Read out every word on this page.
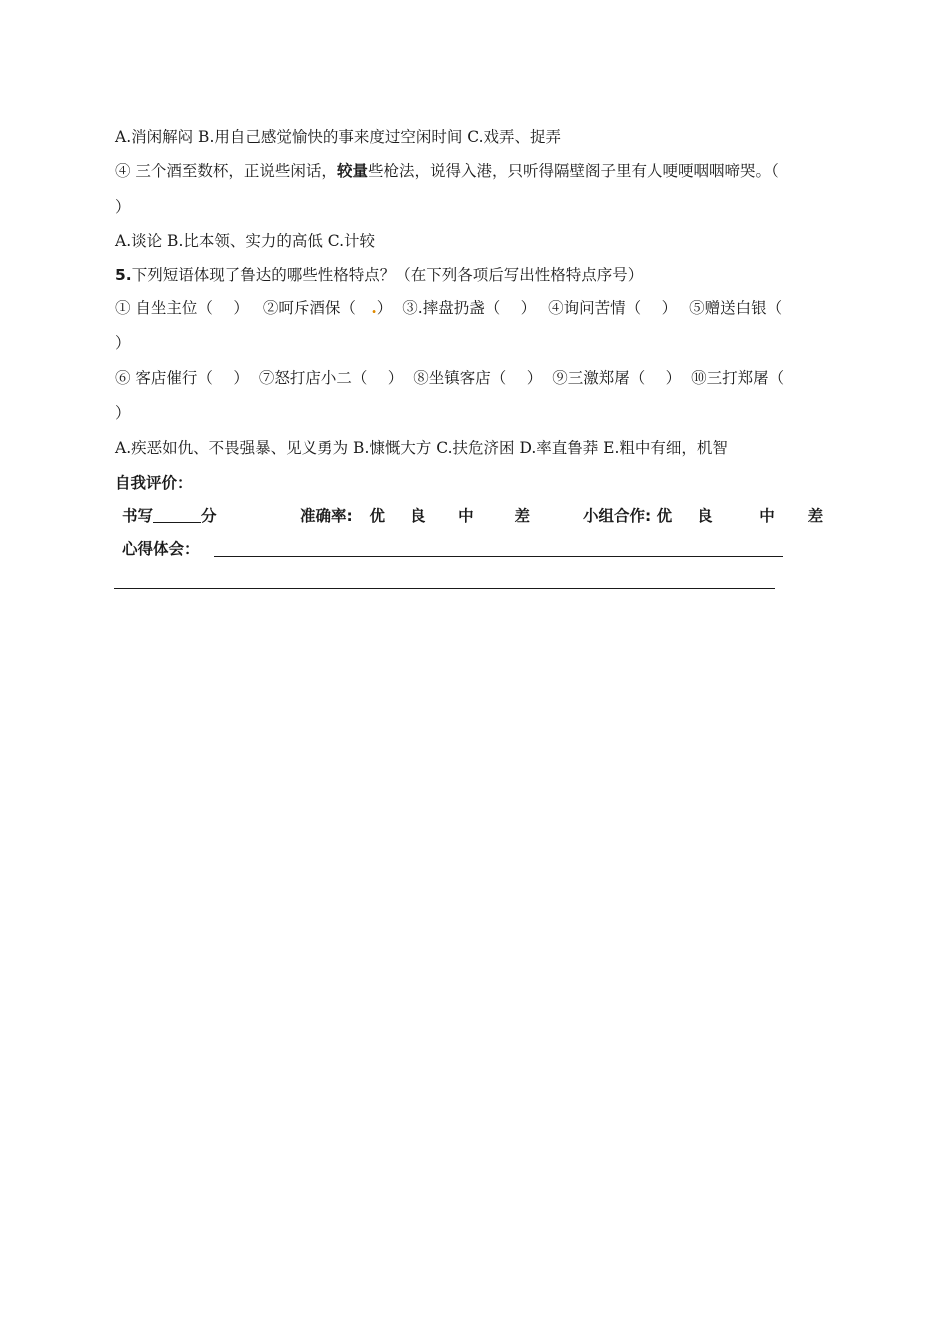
A.消闲解闷 B.用自己感觉愉快的事来度过空闲时间 C.戏弄、捉弄
④ 三个酒至数杯，正说些闲话，较量些枪法，说得入港，只听得隔壁阁子里有人哽哽咽咽啼哭。（
）
A.谈论 B.比本领、实力的高低 C.计较
5.下列短语体现了鲁达的哪些性格特点？（在下列各项后写出性格特点序号）
① 自坐主位（　 ） ②呵斥酒保（　.） ③.摔盘扔盏（　 ） ④询问苦情（　 ） ⑤赠送白银（
）
⑥ 客店催行（　 ） ⑦怒打店小二（　 ） ⑧坐镇客店（　 ） ⑨三激郑屠（　 ） ⑩三打郑屠（
）
A.疾恶如仇、不畏强暴、见义勇为 B.慷慨大方 C.扶危济困 D.率直鲁莽 E.粗中有细，机智
自我评价：
书写	分	准确率: 优 良 中	差	小组合作: 优 良	中 差
心得体会：
